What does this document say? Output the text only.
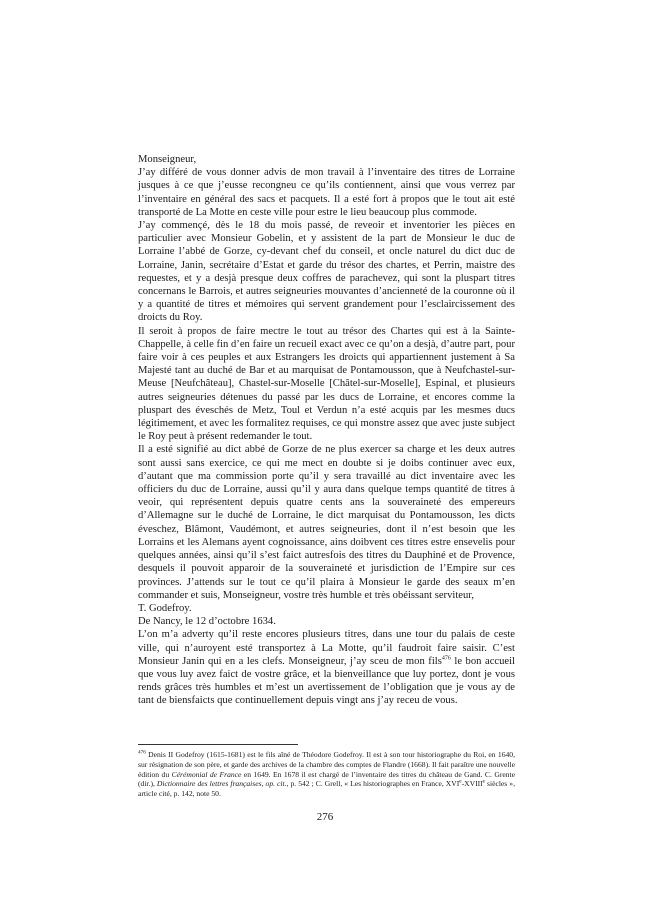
Monseigneur,

J’ay différé de vous donner advis de mon travail à l’inventaire des titres de Lorraine jusques à ce que j’eusse recongneu ce qu’ils contiennent, ainsi que vous verrez par l’inventaire en général des sacs et pacquets. Il a esté fort à propos que le tout ait esté transporté de La Motte en ceste ville pour estre le lieu beaucoup plus commode.

J’ay commençé, dès le 18 du mois passé, de reveoir et inventorier les pièces en particulier avec Monsieur Gobelin, et y assistent de la part de Monsieur le duc de Lorraine l’abbé de Gorze, cy-devant chef du conseil, et oncle naturel du dict duc de Lorraine, Janin, secrétaire d’Estat et garde du trésor des chartes, et Perrin, maistre des requestes, et y a desjà presque deux coffres de parachevez, qui sont la pluspart titres concernans le Barrois, et autres seigneuries mouvantes d’ancienneté de la couronne où il y a quantité de titres et mémoires qui servent grandement pour l’esclaircissement des droicts du Roy.

Il seroit à propos de faire mectre le tout au trésor des Chartes qui est à la Sainte-Chappelle, à celle fin d’en faire un recueil exact avec ce qu’on a desjà, d’autre part, pour faire voir à ces peuples et aux Estrangers les droicts qui appartiennent justement à Sa Majesté tant au duché de Bar et au marquisat de Pontamousson, que à Neufchastel-sur-Meuse [Neufchâteau], Chastel-sur-Moselle [Châtel-sur-Moselle], Espinal, et plusieurs autres seigneuries détenues du passé par les ducs de Lorraine, et encores comme la pluspart des éveschés de Metz, Toul et Verdun n’a esté acquis par les mesmes ducs légitimement, et avec les formalitez requises, ce qui monstre assez que avec juste subject le Roy peut à présent redemander le tout.

Il a esté signifié au dict abbé de Gorze de ne plus exercer sa charge et les deux autres sont aussi sans exercice, ce qui me mect en doubte si je doibs continuer avec eux, d’autant que ma commission porte qu’il y sera travaillé au dict inventaire avec les officiers du duc de Lorraine, aussi qu’il y aura dans quelque temps quantité de titres à veoir, qui représentent depuis quatre cents ans la souveraineté des empereurs d’Allemagne sur le duché de Lorraine, le dict marquisat du Pontamousson, les dicts éveschez, Blâmont, Vaudémont, et autres seigneuries, dont il n’est besoin que les Lorrains et les Alemans ayent cognoissance, ains doibvent ces titres estre ensevelis pour quelques années, ainsi qu’il s’est faict autresfois des titres du Dauphiné et de Provence, desquels il pouvoit apparoir de la souveraineté et jurisdiction de l’Empire sur ces provinces. J’attends sur le tout ce qu’il plaira à Monsieur le garde des seaux m’en commander et suis, Monseigneur, vostre très humble et très obéissant serviteur,

T. Godefroy.

De Nancy, le 12 d’octobre 1634.

L’on m’a adverty qu’il reste encores plusieurs titres, dans une tour du palais de ceste ville, qui n’auroyent esté transportez à La Motte, qu’il faudroit faire saisir. C’est Monsieur Janin qui en a les clefs. Monseigneur, j’ay sceu de mon fils$^{476}$ le bon accueil que vous luy avez faict de vostre grâce, et la bienveillance que luy portez, dont je vous rends grâces très humbles et m’est un avertissement de l’obligation que je vous ay de tant de biensfaicts que continuellement depuis vingt ans j’ay receu de vous.

$^{476}$ Denis II Godefroy (1615-1681) est le fils aîné de Théodore Godefroy. Il est à son tour historiographe du Roi, en 1640, sur résignation de son père, et garde des archives de la chambre des comptes de Flandre (1668). Il fait paraître une nouvelle édition du Cérémonial de France en 1649. En 1678 il est chargé de l’inventaire des titres du château de Gand. C. Grente (dir.), Dictionnaire des lettres françaises, op. cit., p. 542 ; C. Grell, « Les historiographes en France, XVIe-XVIIIe siècles », article cité, p. 142, note 50.
276
